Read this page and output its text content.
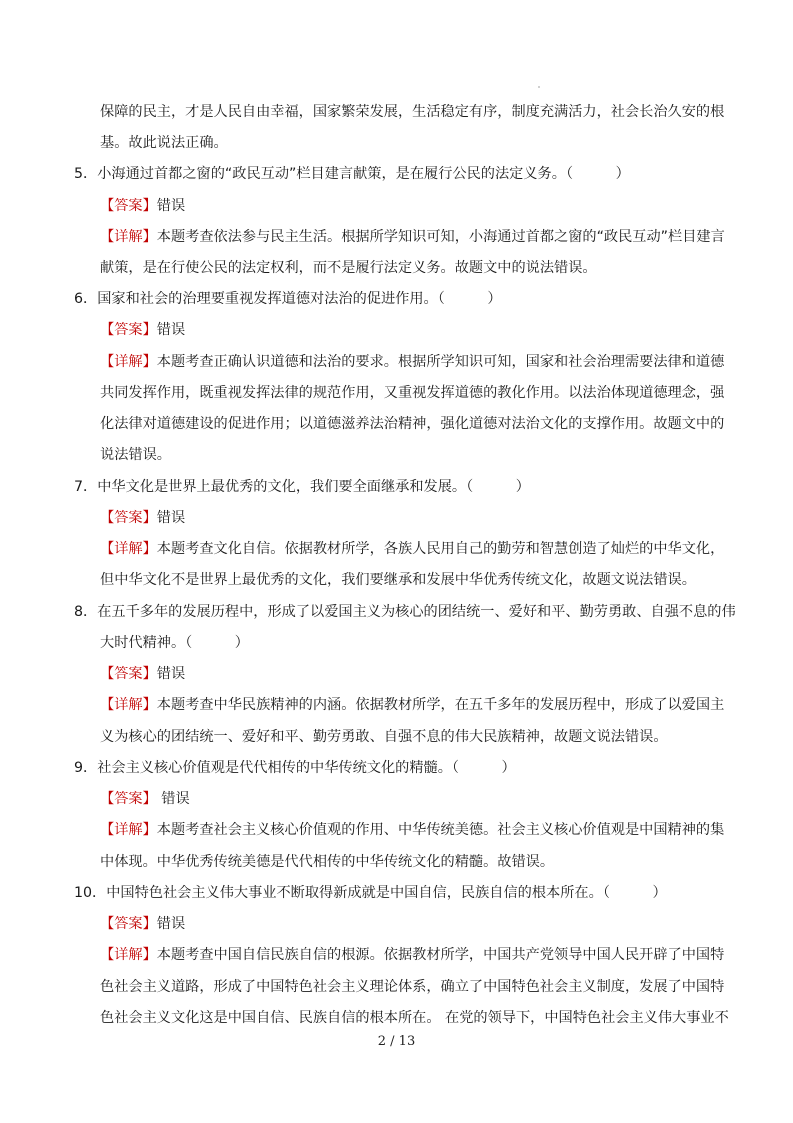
保障的民主，才是人民自由幸福，国家繁荣发展，生活稳定有序，制度充满活力，社会长治久安的根
基。故此说法正确。
5．小海通过首都之窗的“政民互动”栏目建言献策，是在履行公民的法定义务。（　　　）
【答案】错误
【详解】本题考查依法参与民主生活。根据所学知识可知，小海通过首都之窗的“政民互动”栏目建言
献策，是在行使公民的法定权利，而不是履行法定义务。故题文中的说法错误。
6．国家和社会的治理要重视发挥道德对法治的促进作用。（　　　）
【答案】错误
【详解】本题考查正确认识道德和法治的要求。根据所学知识可知，国家和社会治理需要法律和道德
共同发挥作用，既重视发挥法律的规范作用，又重视发挥道德的教化作用。以法治体现道德理念，强
化法律对道德建设的促进作用；以道德滋养法治精神，强化道德对法治文化的支撑作用。故题文中的
说法错误。
7．中华文化是世界上最优秀的文化，我们要全面继承和发展。（　　　）
【答案】错误
【详解】本题考查文化自信。依据教材所学，各族人民用自己的勤劳和智慧创造了灿烂的中华文化，
但中华文化不是世界上最优秀的文化，我们要继承和发展中华优秀传统文化，故题文说法错误。
8．在五千多年的发展历程中，形成了以爱国主义为核心的团结统一、爱好和平、勤劳勇敢、自强不息的伟
大时代精神。（　　　）
【答案】错误
【详解】本题考查中华民族精神的内涵。依据教材所学，在五千多年的发展历程中，形成了以爱国主
义为核心的团结统一、爱好和平、勤劳勇敢、自强不息的伟大民族精神，故题文说法错误。
9．社会主义核心价值观是代代相传的中华传统文化的精髓。（　　　）
【答案】 错误
【详解】本题考查社会主义核心价值观的作用、中华传统美德。社会主义核心价值观是中国精神的集
中体现。中华优秀传统美德是代代相传的中华传统文化的精髓。故错误。
10．中国特色社会主义伟大事业不断取得新成就是中国自信，民族自信的根本所在。（　　　）
【答案】错误
【详解】本题考查中国自信民族自信的根源。依据教材所学，中国共产党领导中国人民开辟了中国特
色社会主义道路，形成了中国特色社会主义理论体系，确立了中国特色社会主义制度，发展了中国特
色社会主义文化这是中国自信、民族自信的根本所在。 在党的领导下，中国特色社会主义伟大事业不
2 / 13
